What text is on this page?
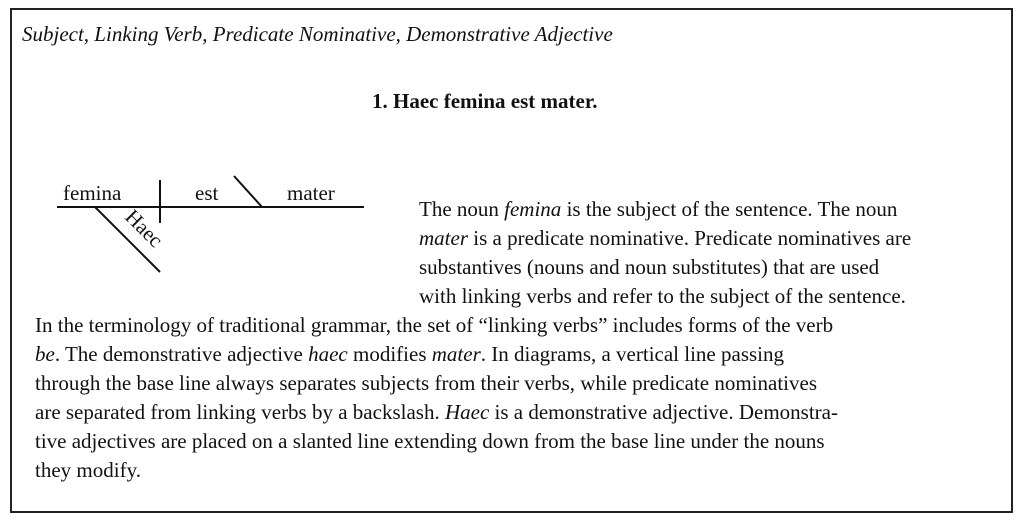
Subject, Linking Verb, Predicate Nominative, Demonstrative Adjective
1. Haec femina est mater.
femina	est	mater
Haec	The noun femina is the subject of the sentence. The noun
mater is a predicate nominative. Predicate nominatives are
substantives (nouns and noun substitutes) that are used
with linking verbs and refer to the subject of the sentence.
In the terminology of traditional grammar, the set of “linking verbs” includes forms of the verb
be. The demonstrative adjective haec modifies mater. In diagrams, a vertical line passing
through the base line always separates subjects from their verbs, while predicate nominatives
are separated from linking verbs by a backslash. Haec is a demonstrative adjective. Demonstra-
tive adjectives are placed on a slanted line extending down from the base line under the nouns
they modify.
